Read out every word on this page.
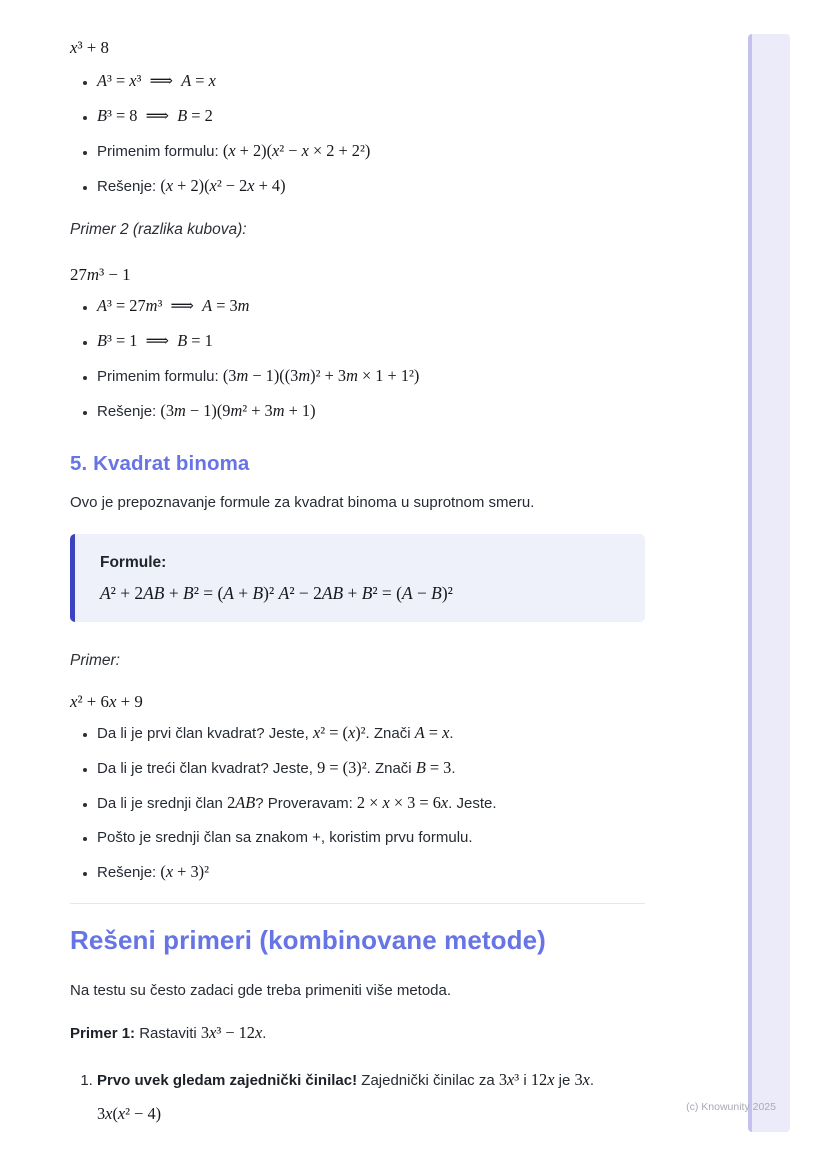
x³ + 8

• A³ = x³  ⟹  A = x
• B³ = 8  ⟹  B = 2
• Primenim formulu: (x + 2)(x² − x × 2 + 2²)
• Rešenje: (x + 2)(x² − 2x + 4)

Primer 2 (razlika kubova):

27m³ − 1

• A³ = 27m³  ⟹  A = 3m
• B³ = 1  ⟹  B = 1
• Primenim formulu: (3m − 1)((3m)² + 3m × 1 + 1²)
• Rešenje: (3m − 1)(9m² + 3m + 1)
5. Kvadrat binoma

Ovo je prepoznavanje formule za kvadrat binoma u suprotnom smeru.

Formule:

A² + 2AB + B² = (A + B)² A² − 2AB + B² = (A − B)²

Primer:

x² + 6x + 9

• Da li je prvi član kvadrat? Jeste, x² = (x)². Znači A = x.
• Da li je treći član kvadrat? Jeste, 9 = (3)². Znači B = 3.
• Da li je srednji član 2AB? Proveravam: 2 × x × 3 = 6x. Jeste.
• Pošto je srednji član sa znakom +, koristim prvu formulu.
• Rešenje: (x + 3)²
Rešeni primeri (kombinovane metode)

Na testu su često zadaci gde treba primeniti više metoda.

Primer 1: Rastaviti 3x³ − 12x.

1. Prvo uvek gledam zajednički činilac! Zajednički činilac za 3x³ i 12x je 3x.
3x(x² − 4)	(c) Knowunity 2025
